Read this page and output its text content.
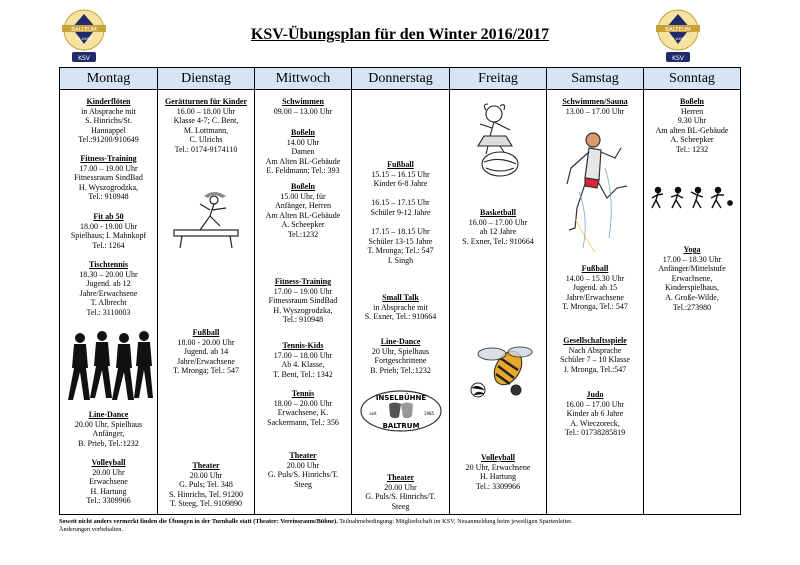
BALTEUM
50 JAHRE
KSV
BALTEUM
50 JAHRE
KSV
KSV-Übungsplan für den Winter 2016/2017
Montag
Kinderflöten
in Absprache mit
S. Hinrichs/St.
Hannappel
Tel.:91200/910649
Fitness-Training
17.00 – 19.00 Uhr
Fitnessraum SindBad
H. Wyszogrodzka,
Tel.: 910948
Fit ab 50
18.00 - 19.00 Uhr
Spielhaus; I. Mahnkopf
Tel.: 1264
Tischtennis
18.30 – 20.00 Uhr
Jugend. ab 12
Jahre/Erwachsene
T. Albrecht
Tel.: 3110003
Line-Dance
20.00 Uhr, Spielhaus
Anfänger,
B. Prieb, Tel.:1232
Volleyball
20.00 Uhr
Erwachsene
H. Hartung
Tel.: 3309966
Dienstag
Gerätturnen für Kinder
16.00 – 18.00 Uhr
Klasse 4-7; C. Bent,
M. Lottmann,
C. Ulrichs
Tel.: 0174-9174110
Fußball
18.00 - 20.00 Uhr
Jugend. ab 14
Jahre/Erwachsene
T. Mronga; Tel.: 547
Theater
20.00 Uhr
G. Puls; Tel. 348
S. Hinrichs, Tel. 91200
T. Steeg, Tel. 9109890
Mittwoch
Schwimmen
09.00 – 13.00 Uhr
Boßeln
14.00 Uhr
Damen
Am Alten BL-Gebäude
E. Feldmann; Tel.: 393
Boßeln
15.00 Uhr, für
Anfänger, Herren
Am Alten BL-Gebäude
A. Scheepker
Tel.:1232
Fitness-Training
17.00 – 19.00 Uhr
Fitnessraum SindBad
H. Wyszogrodzka,
Tel.: 910948
Tennis-Kids
17.00 – 18.00 Uhr
Ab 4. Klasse,
T. Bent, Tel.: 1342
Tennis
18.00 – 20.00 Uhr
Erwachsene, K.
Sackermann, Tel.: 356
Theater
20.00 Uhr
G. Puls/S. Hinrichs/T.
Steeg
Donnerstag
Fußball
15.15 – 16.15 Uhr
Kinder 6-8 Jahre

16.15 – 17.15 Uhr
Schüler 9-12 Jahre

17.15 – 18.15 Uhr
Schüler 13-15 Jahre
T. Mronga; Tel.: 547
I. Singh
Small Talk
in Absprache mit
S. Exner, Tel.: 910664
Line-Dance
20 Uhr, Spielhaus
Fortgeschrittene
B. Prieb; Tel.:1232
INSELBÜHNE
BALTRUM
seit	1985
Theater
20.00 Uhr
G. Puls/S. Hinrichs/T.
Steeg
Freitag
Basketball
16.00 – 17.00 Uhr
ab 12 Jahre
S. Exner, Tel.: 910664
Volleyball
20 Uhr, Erwachsene
H. Hartung
Tel.: 3309966
Samstag
Schwimmen/Sauna
13.00 – 17.00 Uhr
Fußball
14.00 – 15.30 Uhr
Jugend. ab 15
Jahre/Erwachsene
T. Mronga, Tel.: 547
Gesellschaftsspiele
Nach Absprache
Schüler 7 – 10 Klasse
J. Mronga, Tel.:547
Judo
16.00 – 17.00 Uhr
Kinder ab 6 Jahre
A. Wieczoreck,
Tel.: 01738285819
Sonntag
Boßeln
Herren
9.30 Uhr
Am alten BL-Gebäude
A. Scheepker
Tel.: 1232
Yoga
17.00 – 18.30 Uhr
Anfänger/Mittelstufe
Erwachsene,
Kinderspielhaus,
A. Große-Wilde,
Tel.:273980
Soweit nicht anders vermerkt finden die Übungen in der Turnhalle statt (Theater: Vereinsraum/Bühne). Teilnahmebedingung: Mitgliedschaft im KSV, Neuanmeldung beim jeweiligen Spartenleiter.
Änderungen vorbehalten.
